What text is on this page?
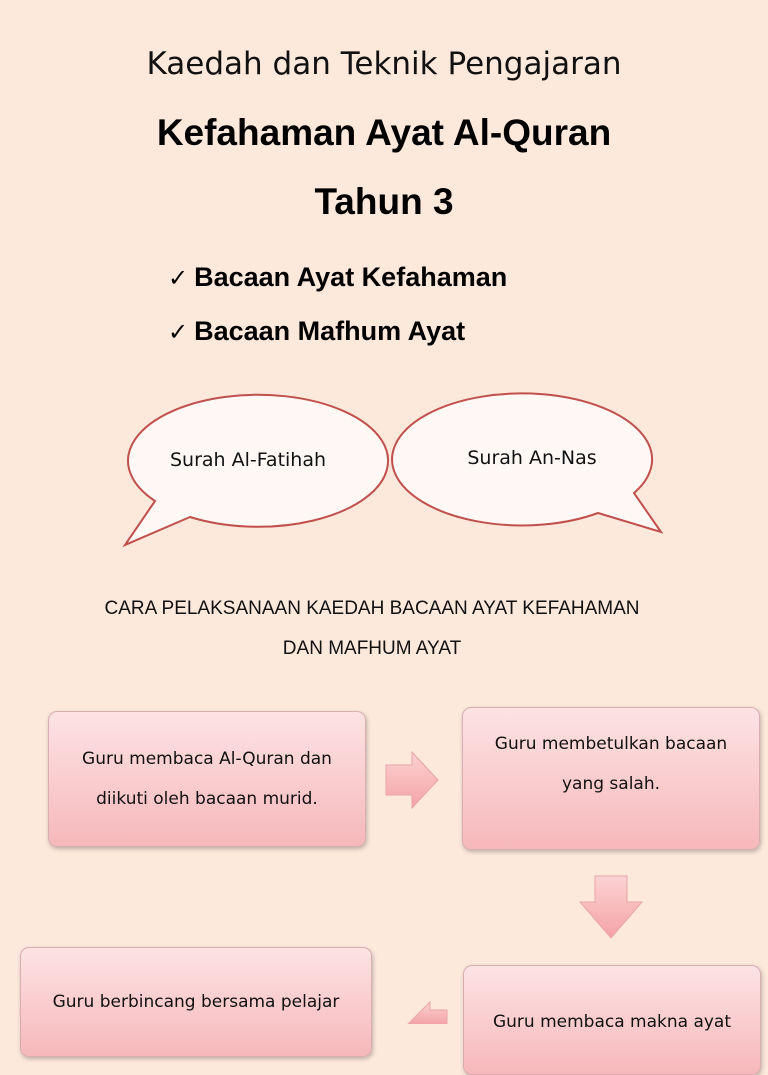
Kaedah dan Teknik Pengajaran
Kefahaman Ayat Al-Quran
Tahun 3
✓ Bacaan Ayat Kefahaman
✓ Bacaan Mafhum Ayat
Surah Al-Fatihah	Surah An-Nas
CARA PELAKSANAAN KAEDAH BACAAN AYAT KEFAHAMAN
DAN MAFHUM AYAT
Guru membaca Al-Quran dan diikuti oleh bacaan murid.
Guru membetulkan bacaan yang salah.
Guru berbincang bersama pelajar
Guru membaca makna ayat
